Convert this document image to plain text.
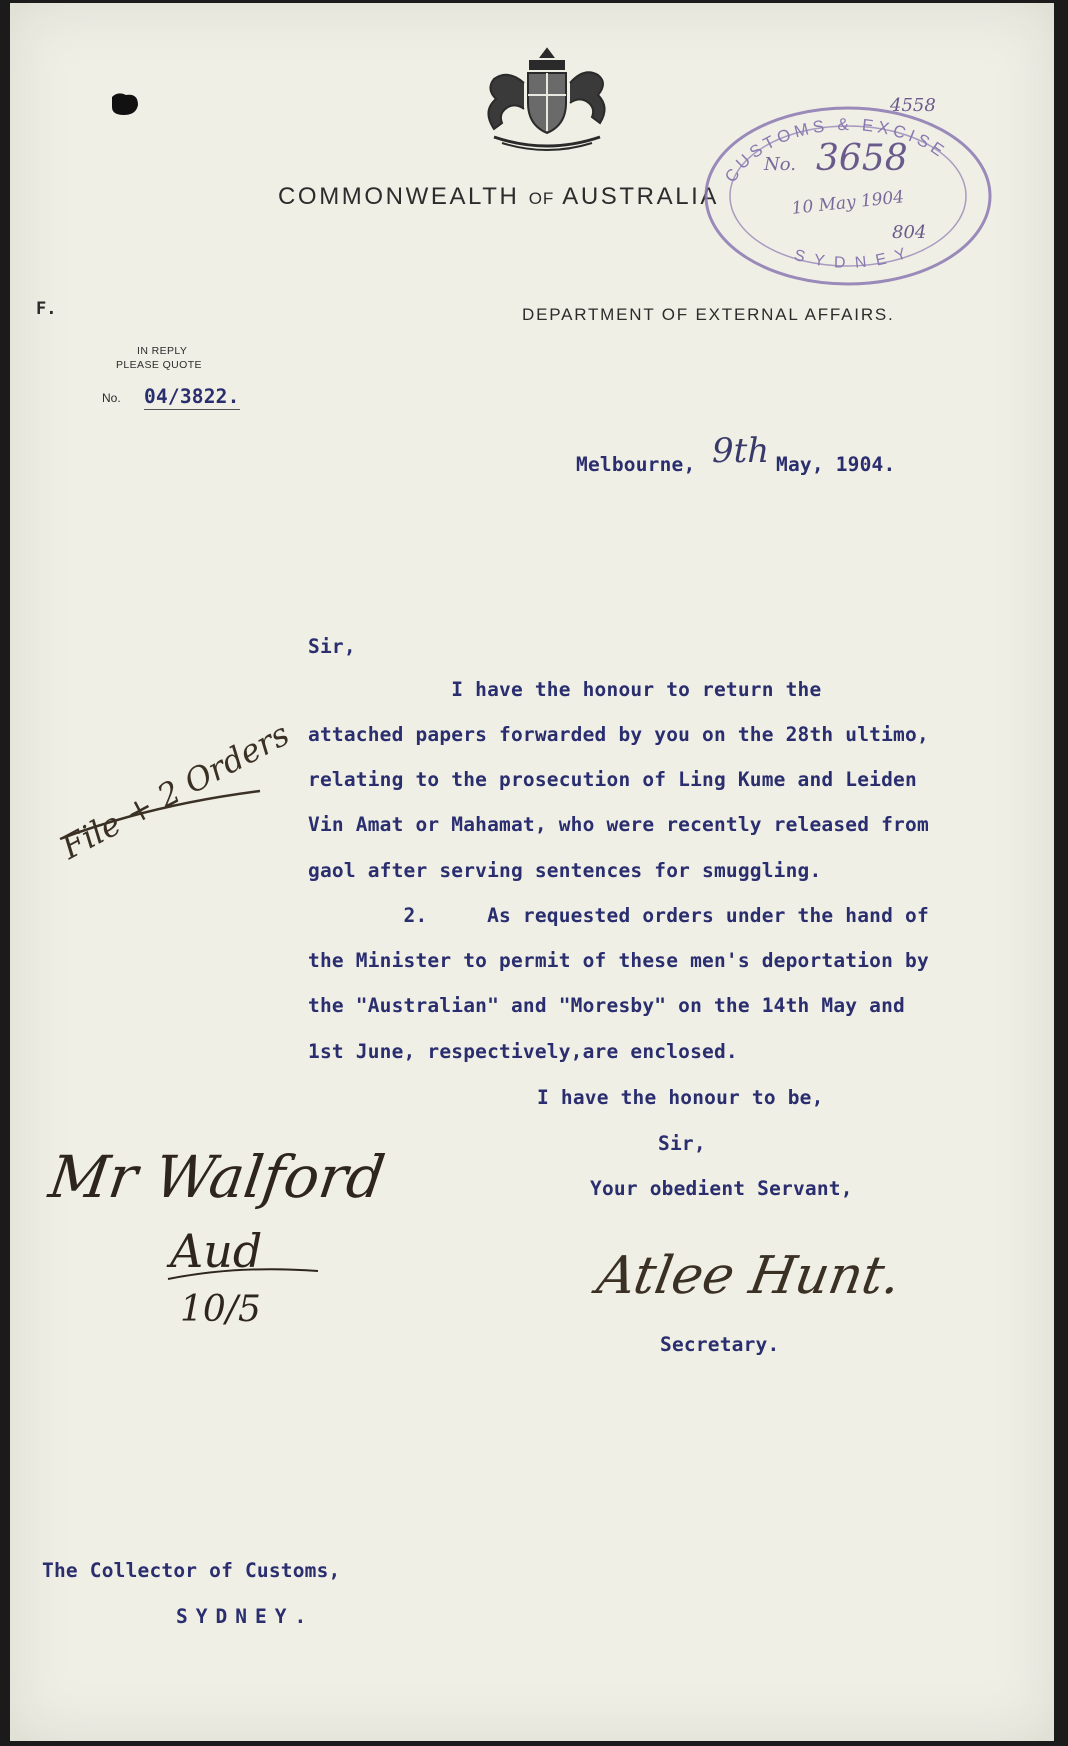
COMMONWEALTH OF AUSTRALIA
CUSTOMS & EXCISE
SYDNEY
No. 3658
10 May 1904
804
4558
F.	DEPARTMENT OF EXTERNAL AFFAIRS.
IN REPLY
PLEASE QUOTE
No. 04/3822.
Melbourne, 9th May, 1904.
Sir,
I have the honour to return the
attached papers forwarded by you on the 28th ultimo,
relating to the prosecution of Ling Kume and Leiden
Vin Amat or Mahamat, who were recently released from
gaol after serving sentences for smuggling.
2.     As requested orders under the hand of
the Minister to permit of these men's deportation by
the "Australian" and "Moresby" on the 14th May and
1st June, respectively,are enclosed.
I have the honour to be,
Sir,
Your obedient Servant,
Atlee Hunt.
Secretary.
File + 2 Orders
Mr Walford
Aud
10/5
The Collector of Customs,
SYDNEY.
